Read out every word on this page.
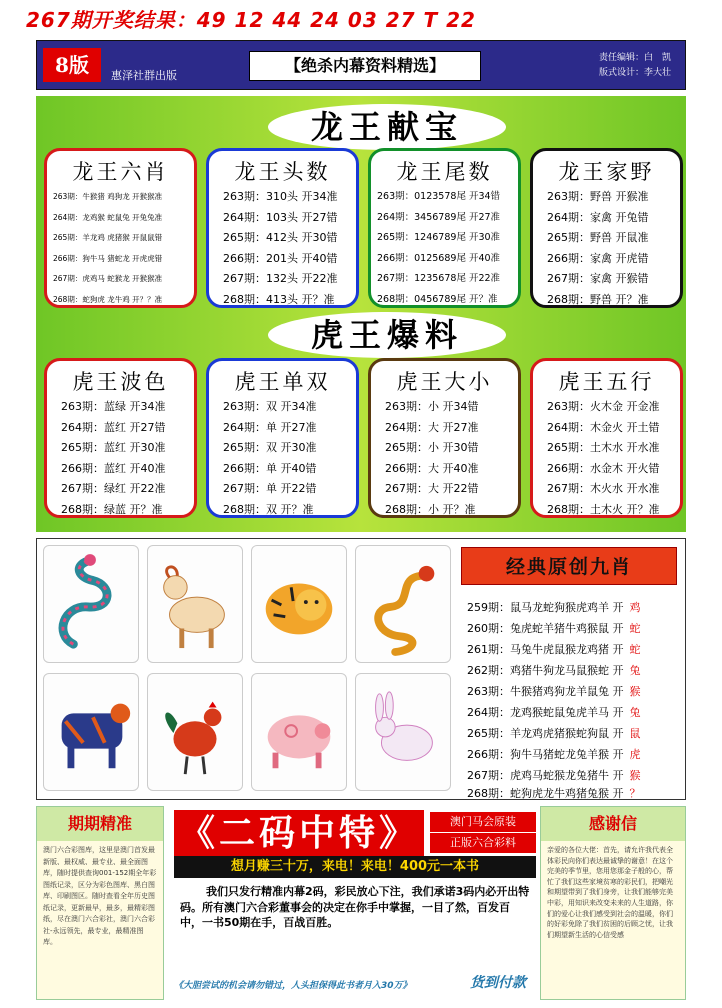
267期开奖结果：49 12 44 24 03 27 T 22
8版	惠泽社群出版
【绝杀内幕资料精选】	责任编辑：白　凯
版式设计：李大壮
龙王献宝
龙王六肖
263期：牛猴猪 鸡狗龙 开猴猴准
264期：龙鸡猴 蛇鼠兔 开兔兔准
265期：羊龙鸡 虎猪猴 开鼠鼠错
266期：狗牛马 猪蛇龙 开虎虎错
267期：虎鸡马 蛇猴龙 开猴猴准
268期：蛇狗虎 龙牛鸡 开？？准
龙王头数
263期：310头 开34准
264期：103头 开27错
265期：412头 开30错
266期：201头 开40错
267期：132头 开22准
268期：413头 开？准
龙王尾数
263期：0123578尾 开34错
264期：3456789尾 开27准
265期：1246789尾 开30准
266期：0125689尾 开40准
267期：1235678尾 开22准
268期：0456789尾 开？准
龙王家野
263期：野兽 开猴准
264期：家禽 开兔错
265期：野兽 开鼠准
266期：家禽 开虎错
267期：家禽 开猴错
268期：野兽 开？准
虎王爆料
虎王波色
263期：蓝绿 开34准
264期：蓝红 开27错
265期：蓝红 开30准
266期：蓝红 开40准
267期：绿红 开22准
268期：绿蓝 开？准
虎王单双
263期：双 开34准
264期：单 开27准
265期：双 开30准
266期：单 开40错
267期：单 开22错
268期：双 开？准
虎王大小
263期：小 开34错
264期：大 开27准
265期：小 开30错
266期：大 开40准
267期：大 开22错
268期：小 开？准
虎王五行
263期：火木金 开金准
264期：木金火 开土错
265期：土木水 开水准
266期：水金木 开火错
267期：木火水 开水准
268期：土木火 开？准
经典原创九肖
259期：鼠马龙蛇狗猴虎鸡羊 开 鸡
260期：兔虎蛇羊猪牛鸡猴鼠 开 蛇
261期：马兔牛虎鼠猴龙鸡猪 开 蛇
262期：鸡猪牛狗龙马鼠猴蛇 开 兔
263期：牛猴猪鸡狗龙羊鼠兔 开 猴
264期：龙鸡猴蛇鼠兔虎羊马 开 兔
265期：羊龙鸡虎猪猴蛇狗鼠 开 鼠
266期：狗牛马猪蛇龙兔羊猴 开 虎
267期：虎鸡马蛇猴龙兔猪牛 开 猴
268期：蛇狗虎龙牛鸡猪兔猴 开 ？
期期精准
澳门六合彩图库，这里是澳门首发最新版、最权威、最专业、最全面图库，随时提供查询001-152期全年彩图纸记录，区分为彩色图库、黑白图库、印刷图区。随时查看全年历史图纸记录，更新最早，最多，最精彩图纸，尽在澳门六合彩社，澳门六合彩社-永远领先，最专业，最精准图库。
《二码中特》	澳门马会原装
正版六合彩料
想月赚三十万，来电！来电！400元一本书
我们只发行精准内幕2码，彩民放心下注，我们承诺3码内必开出特码。所有澳门六合彩董事会的决定在你手中掌握，一目了然，百发百中，一书50期在手，百战百胜。
《大胆尝试的机会请勿错过，人头担保得此书者月入30万》	货到付款
感谢信
亲爱的各位大佬：首先，请允许我代表全体彩民向你们表达最诚挚的谢意！在这个完美的季节里，您用您那金子般的心，帮忙了我们这些家境贫寒的彩民们，把嘲光和期望带到了我们身旁，让我们能够完美中彩，用知识来改变未来的人生道路，你们的爱心让我们感受到社会的温暖，你们的好彩免除了我们贫困的后顾之忧，让我们期望新生活的心信受感
